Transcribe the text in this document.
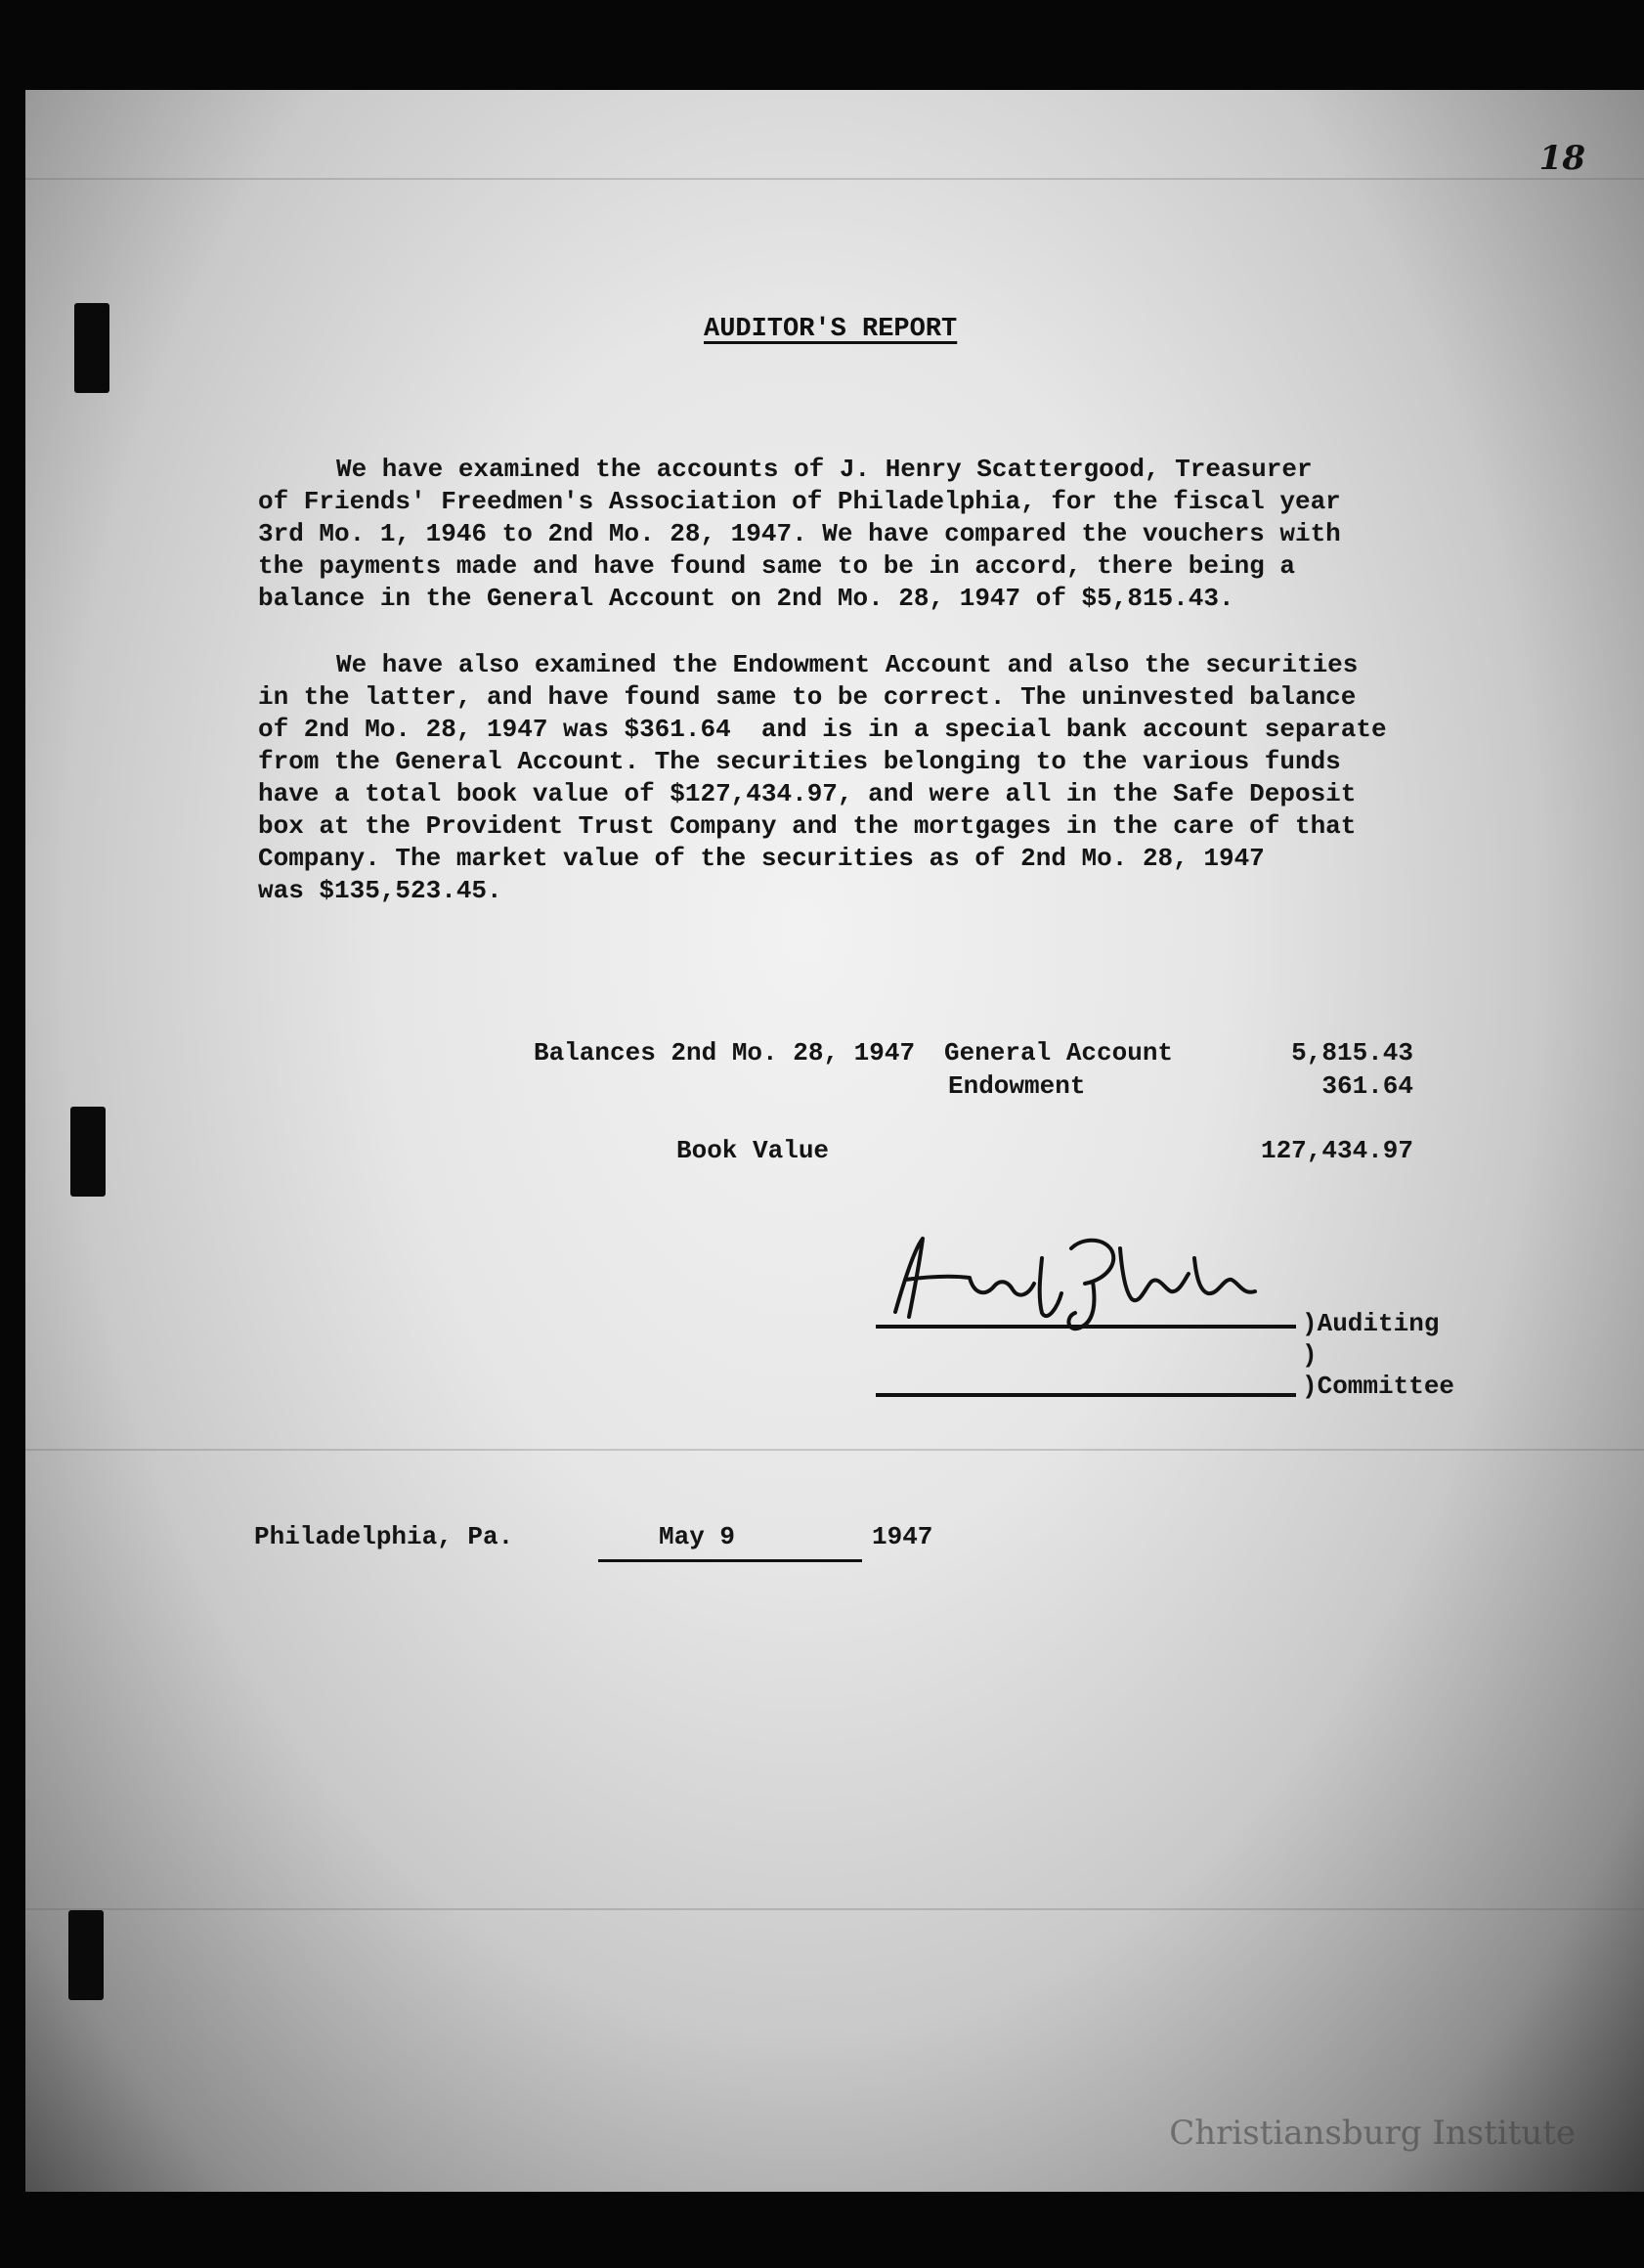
18
AUDITOR'S REPORT
We have examined the accounts of J. Henry Scattergood, Treasurer
of Friends' Freedmen's Association of Philadelphia, for the fiscal year
3rd Mo. 1, 1946 to 2nd Mo. 28, 1947. We have compared the vouchers with
the payments made and have found same to be in accord, there being a
balance in the General Account on 2nd Mo. 28, 1947 of $5,815.43.
We have also examined the Endowment Account and also the securities
in the latter, and have found same to be correct. The uninvested balance
of 2nd Mo. 28, 1947 was $361.64  and is in a special bank account separate
from the General Account. The securities belonging to the various funds
have a total book value of $127,434.97, and were all in the Safe Deposit
box at the Provident Trust Company and the mortgages in the care of that
Company. The market value of the securities as of 2nd Mo. 28, 1947
was $135,523.45.
Balances 2nd Mo. 28, 1947 General Account	5,815.43
Endowment	361.64
Book Value	127,434.97
)Auditing
)
)Committee
Philadelphia, Pa.	May 9	1947
Christiansburg Institute
